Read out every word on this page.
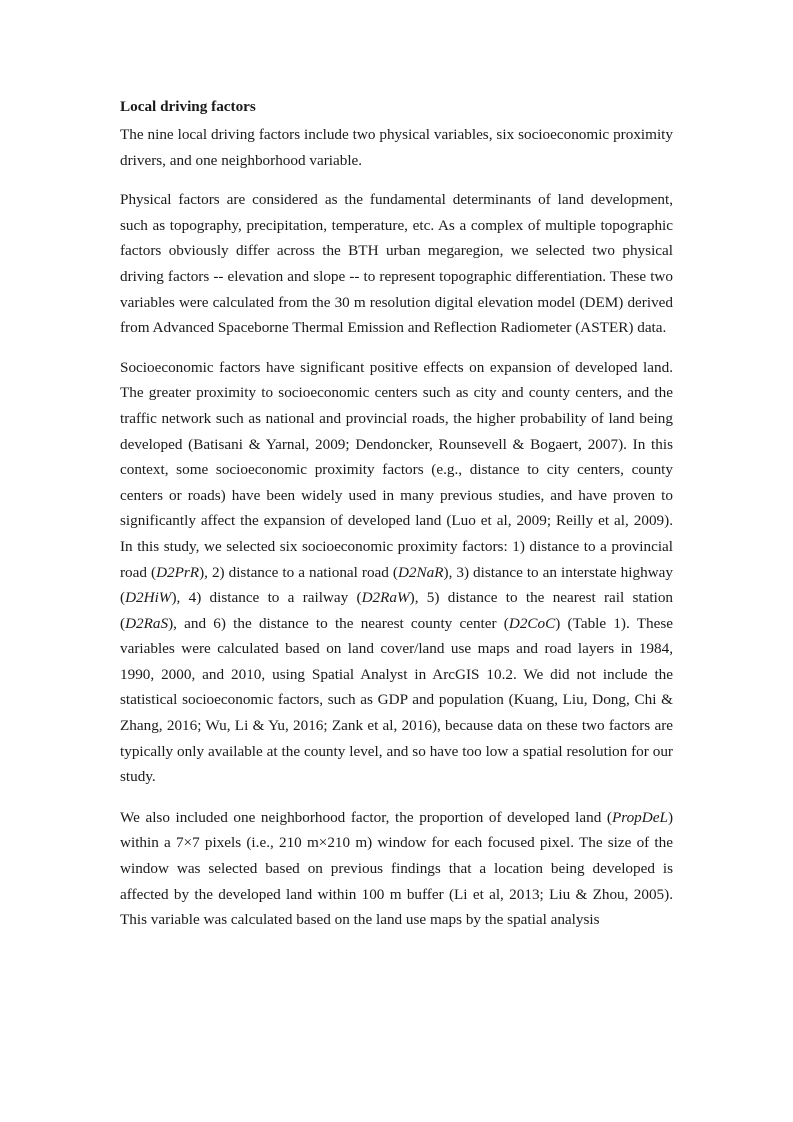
Local driving factors

The nine local driving factors include two physical variables, six socioeconomic proximity drivers, and one neighborhood variable.

Physical factors are considered as the fundamental determinants of land development, such as topography, precipitation, temperature, etc. As a complex of multiple topographic factors obviously differ across the BTH urban megaregion, we selected two physical driving factors -- elevation and slope -- to represent topographic differentiation. These two variables were calculated from the 30 m resolution digital elevation model (DEM) derived from Advanced Spaceborne Thermal Emission and Reflection Radiometer (ASTER) data.

Socioeconomic factors have significant positive effects on expansion of developed land. The greater proximity to socioeconomic centers such as city and county centers, and the traffic network such as national and provincial roads, the higher probability of land being developed (Batisani & Yarnal, 2009; Dendoncker, Rounsevell & Bogaert, 2007). In this context, some socioeconomic proximity factors (e.g., distance to city centers, county centers or roads) have been widely used in many previous studies, and have proven to significantly affect the expansion of developed land (Luo et al, 2009; Reilly et al, 2009). In this study, we selected six socioeconomic proximity factors: 1) distance to a provincial road (D2PrR), 2) distance to a national road (D2NaR), 3) distance to an interstate highway (D2HiW), 4) distance to a railway (D2RaW), 5) distance to the nearest rail station (D2RaS), and 6) the distance to the nearest county center (D2CoC) (Table 1). These variables were calculated based on land cover/land use maps and road layers in 1984, 1990, 2000, and 2010, using Spatial Analyst in ArcGIS 10.2. We did not include the statistical socioeconomic factors, such as GDP and population (Kuang, Liu, Dong, Chi & Zhang, 2016; Wu, Li & Yu, 2016; Zank et al, 2016), because data on these two factors are typically only available at the county level, and so have too low a spatial resolution for our study.

We also included one neighborhood factor, the proportion of developed land (PropDeL) within a 7×7 pixels (i.e., 210 m×210 m) window for each focused pixel. The size of the window was selected based on previous findings that a location being developed is affected by the developed land within 100 m buffer (Li et al, 2013; Liu & Zhou, 2005). This variable was calculated based on the land use maps by the spatial analysis
